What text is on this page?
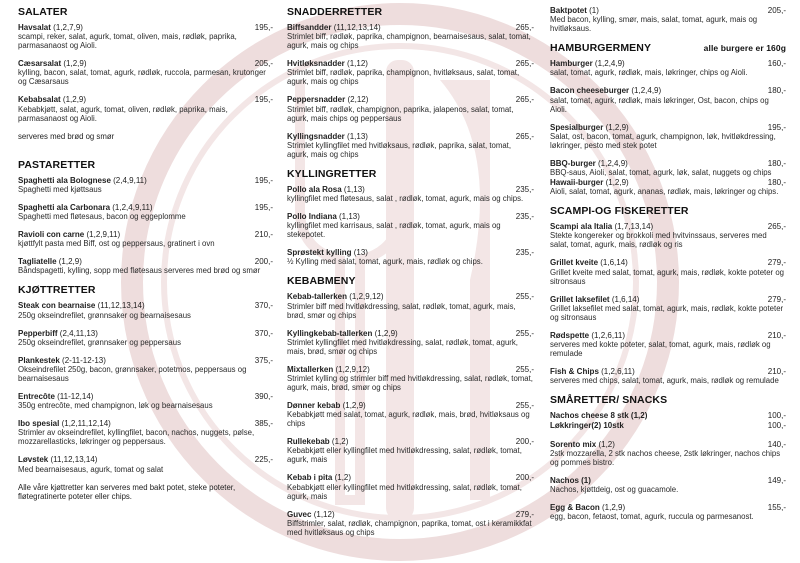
SALATER
Havsalat (1,2,7,9)	195,-
scampi, reker, salat, agurk, tomat, oliven, mais, rødløk, paprika, parmasanaost og Aioli.
Cæsarsalat (1,2,9)	205,-
kylling, bacon, salat, tomat, agurk, rødløk, ruccola, parmesan, krutonger og Cæsarsaus
Kebabsalat (1,2,9)	195,-
Kebabkjøtt, salat, agurk, tomat, oliven, rødløk, paprika, mais, parmasanaost og Aioli.
serveres med brød og smør
PASTARETTER
Spaghetti ala Bolognese (2,4,9,11)	195,-
Spaghetti med kjøttsaus
Spaghetti ala Carbonara (1,2,4,9,11)	195,-
Spaghetti med fløtesaus, bacon og eggeplomme
Ravioli con carne (1,2,9,11)	210,-
kjøttfylt pasta med Biff, ost og peppersaus, gratinert i ovn
Tagliatelle (1,2,9)	200,-
Båndspagetti, kylling, sopp med fløtesaus serveres med brød og smør
KJØTTRETTER
Steak con bearnaise (11,12,13,14)	370,-
250g okseindrefilet, grønnsaker og bearnaisesaus
Pepperbiff (2,4,11,13)	370,-
250g okseindrefilet, grønnsaker og peppersaus
Plankestek (2-11-12-13)	375,-
Okseindrefilet 250g, bacon, grønnsaker, potetmos, peppersaus og bearnaisesaus
Entrecôte (11-12,14)	390,-
350g entrecôte, med champignon, løk og bearnaisesaus
Ibo spesial (1,2,11,12,14)	385,-
Strimler av okseindrefilet, kyllingfilet, bacon, nachos, nuggets, pølse, mozzarellasticks, løkringer og peppersaus.
Løvstek (11,12,13,14)	225,-
Med bearnaisesaus, agurk, tomat og salat
Alle våre kjøttretter kan serveres med bakt potet, steke poteter, fløtegratinerte poteter eller chips.
SNADDERRETTER
Biffsandder (11,12,13,14)	265,-
Strimlet biff, rødløk, paprika, champignon, bearnaisesaus, salat, tomat, agurk, mais og chips
Hvitløksnadder (1,12)	265,-
Strimlet biff, rødløk, paprika, champignon, hvitløksaus, salat, tomat, agurk, mais og chips
Peppersnadder (2,12)	265,-
Strimlet biff, rødløk, champignon, paprika, jalapenos, salat, tomat, agurk, mais chips og peppersaus
Kyllingsnadder (1,13)	265,-
Strimlet kyllingfilet med hvitløksaus, rødløk, paprika, salat, tomat, agurk, mais og chips
KYLLINGRETTER
Pollo ala Rosa (1,13)	235,-
kyllingfilet med fløtesaus, salat , rødløk, tomat, agurk, mais og chips.
Pollo Indiana (1,13)	235,-
kyllingfilet med karrisaus, salat , rødløk, tomat, agurk, mais og stekepotet.
Sprøstekt kylling (13)	235,-
½ Kylling med salat, tomat, agurk, mais, rødløk og chips.
KEBABMENY
Kebab-tallerken (1,2,9,12)	255,-
Strimler biff med hvitløkdressing, salat, rødløk, tomat, agurk, mais, brød, smør og chips
Kyllingkebab-tallerken (1,2,9)	255,-
Strimlet kyllingfilet med hvitløkdressing, salat, rødløk, tomat, agurk, mais, brød, smør og chips
Mixtallerken (1,2,9,12)	255,-
Strimlet kylling og strimler biff med hvitløkdressing, salat, rødløk, tomat, agurk, mais, brød, smør og chips
Dønner kebab (1,2,9)	255,-
Kebabkjøtt med salat, tomat, agurk, rødløk, mais, brød, hvitløksaus og chips
Rullekebab (1,2)	200,-
Kebabkjøtt eller kyllingfilet med hvitløkdressing, salat, rødløk, tomat, agurk, mais
Kebab i pita (1,2)	200,-
Kebabkjøtt eller kyllingfilet med hvitløkdressing, salat, rødløk, tomat, agurk, mais
Guvec (1,12)	279,-
Biffstrimler, salat, rødløk, champignon, paprika, tomat, ost i keramikkfat med hvitløksaus og chips
Baktpotet (1)	205,-
Med bacon, kylling, smør, mais, salat, tomat, agurk, mais og hvitløksaus.
HAMBURGERMENY	alle burgere er 160g
Hamburger (1,2,4,9)	160,-
salat, tomat, agurk, rødløk, mais, løkringer, chips og Aioli.
Bacon cheeseburger (1,2,4,9)	180,-
salat, tomat, agurk, rødløk, mais løkringer, Ost, bacon, chips og Aioli.
Spesialburger (1,2,9)	195,-
Salat, ost, bacon, tomat, agurk, champignon, løk, hvitløkdressing, løkringer, pesto med stek potet
BBQ-burger (1,2,4,9)	180,-
BBQ-saus, Aioli, salat, tomat, agurk, løk, salat, nuggets og chips
Hawaii-burger (1,2,9)	180,-
Aioli, salat, tomat, agurk, ananas, rødløk, mais, løkringer og chips.
SCAMPI-OG FISKERETTER
Scampi ala Italia (1,7,13,14)	265,-
Stekte kongereker og brokkoli med hvitvinssaus, serveres med salat, tomat, agurk, mais, rødløk og ris
Grillet kveite (1,6,14)	279,-
Grillet kveite med salat, tomat, agurk, mais, rødløk, kokte poteter og sitronsaus
Grillet laksefilet (1,6,14)	279,-
Grillet laksefilet med salat, tomat, agurk, mais, rødløk, kokte poteter og sitronsaus
Rødspette (1,2,6,11)	210,-
serveres med kokte poteter, salat, tomat, agurk, mais, rødløk og remulade
Fish & Chips (1,2,6,11)	210,-
serveres med chips, salat, tomat, agurk, mais, rødløk og remulade
SMÅRETTER/ SNACKS
Nachos cheese 8 stk (1,2)	100,-
Løkkringer(2) 10stk	100,-
Sorento mix (1,2)	140,-
2stk mozzarella, 2 stk nachos cheese, 2stk løkringer, nachos chips og pommes bistro.
Nachos (1)	149,-
Nachos, kjøttdeig, ost og guacamole.
Egg & Bacon (1,2,9)	155,-
egg, bacon, fetaost, tomat, agurk, ruccula og parmesanost.
